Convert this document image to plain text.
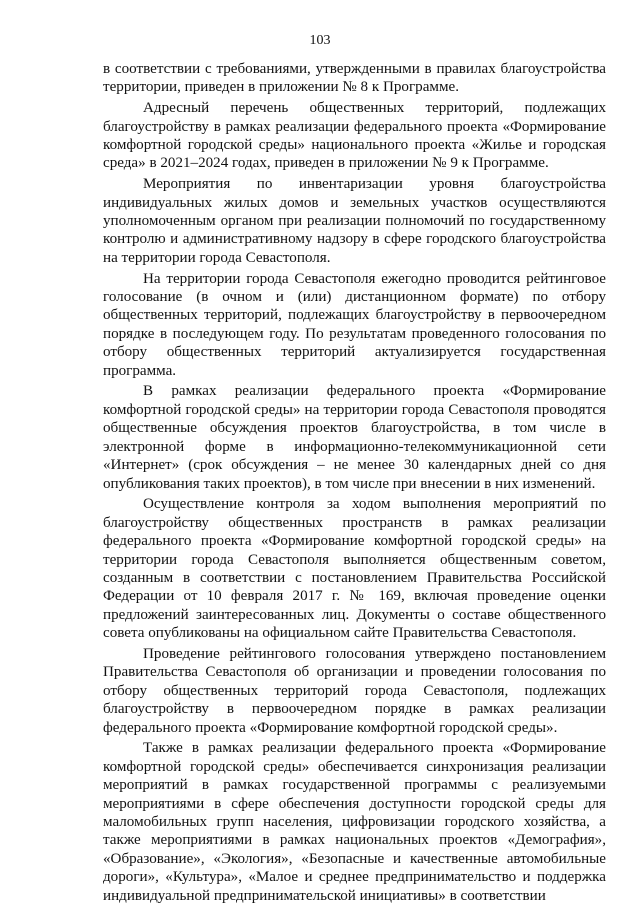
103

в соответствии с требованиями, утвержденными в правилах благоустройства территории, приведен в приложении № 8 к Программе.

Адресный перечень общественных территорий, подлежащих благоустройству в рамках реализации федерального проекта «Формирование комфортной городской среды» национального проекта «Жилье и городская среда» в 2021–2024 годах, приведен в приложении № 9 к Программе.

Мероприятия по инвентаризации уровня благоустройства индивидуальных жилых домов и земельных участков осуществляются уполномоченным органом при реализации полномочий по государственному контролю и административному надзору в сфере городского благоустройства на территории города Севастополя.

На территории города Севастополя ежегодно проводится рейтинговое голосование (в очном и (или) дистанционном формате) по отбору общественных территорий, подлежащих благоустройству в первоочередном порядке в последующем году. По результатам проведенного голосования по отбору общественных территорий актуализируется государственная программа.

В рамках реализации федерального проекта «Формирование комфортной городской среды» на территории города Севастополя проводятся общественные обсуждения проектов благоустройства, в том числе в электронной форме в информационно-телекоммуникационной сети «Интернет» (срок обсуждения – не менее 30 календарных дней со дня опубликования таких проектов), в том числе при внесении в них изменений.

Осуществление контроля за ходом выполнения мероприятий по благоустройству общественных пространств в рамках реализации федерального проекта «Формирование комфортной городской среды» на территории города Севастополя выполняется общественным советом, созданным в соответствии с постановлением Правительства Российской Федерации от 10 февраля 2017 г. № 169, включая проведение оценки предложений заинтересованных лиц. Документы о составе общественного совета опубликованы на официальном сайте Правительства Севастополя.

Проведение рейтингового голосования утверждено постановлением Правительства Севастополя об организации и проведении голосования по отбору общественных территорий города Севастополя, подлежащих благоустройству в первоочередном порядке в рамках реализации федерального проекта «Формирование комфортной городской среды».

Также в рамках реализации федерального проекта «Формирование комфортной городской среды» обеспечивается синхронизация реализации мероприятий в рамках государственной программы с реализуемыми мероприятиями в сфере обеспечения доступности городской среды для маломобильных групп населения, цифровизации городского хозяйства, а также мероприятиями в рамках национальных проектов «Демография», «Образование», «Экология», «Безопасные и качественные автомобильные дороги», «Культура», «Малое и среднее предпринимательство и поддержка индивидуальной предпринимательской инициативы» в соответствии
